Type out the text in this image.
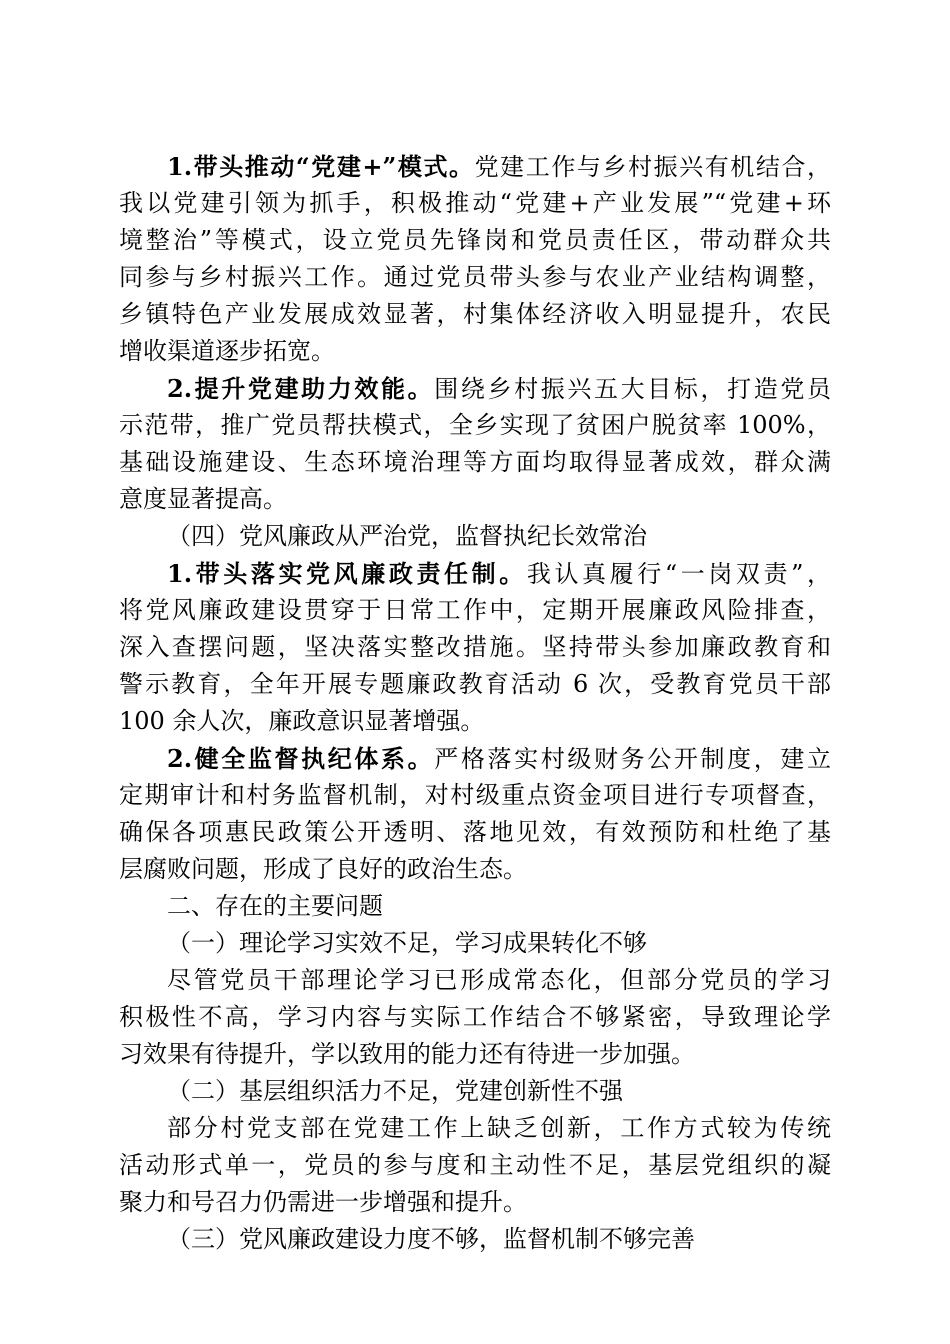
1.带头推动“党建+”模式。党建工作与乡村振兴有机结合，
我以党建引领为抓手，积极推动“党建+产业发展”“党建+环
境整治”等模式，设立党员先锋岗和党员责任区，带动群众共
同参与乡村振兴工作。通过党员带头参与农业产业结构调整，
乡镇特色产业发展成效显著，村集体经济收入明显提升，农民
增收渠道逐步拓宽。
2.提升党建助力效能。围绕乡村振兴五大目标，打造党员
示范带，推广党员帮扶模式，全乡实现了贫困户脱贫率 100%，
基础设施建设、生态环境治理等方面均取得显著成效，群众满
意度显著提高。
（四）党风廉政从严治党，监督执纪长效常治
1.带头落实党风廉政责任制。我认真履行“一岗双责”，
将党风廉政建设贯穿于日常工作中，定期开展廉政风险排查，
深入查摆问题，坚决落实整改措施。坚持带头参加廉政教育和
警示教育，全年开展专题廉政教育活动 6 次，受教育党员干部
100 余人次，廉政意识显著增强。
2.健全监督执纪体系。严格落实村级财务公开制度，建立
定期审计和村务监督机制，对村级重点资金项目进行专项督查，
确保各项惠民政策公开透明、落地见效，有效预防和杜绝了基
层腐败问题，形成了良好的政治生态。
二、存在的主要问题
（一）理论学习实效不足，学习成果转化不够
尽管党员干部理论学习已形成常态化，但部分党员的学习
积极性不高，学习内容与实际工作结合不够紧密，导致理论学
习效果有待提升，学以致用的能力还有待进一步加强。
（二）基层组织活力不足，党建创新性不强
部分村党支部在党建工作上缺乏创新，工作方式较为传统
活动形式单一，党员的参与度和主动性不足，基层党组织的凝
聚力和号召力仍需进一步增强和提升。
（三）党风廉政建设力度不够，监督机制不够完善
